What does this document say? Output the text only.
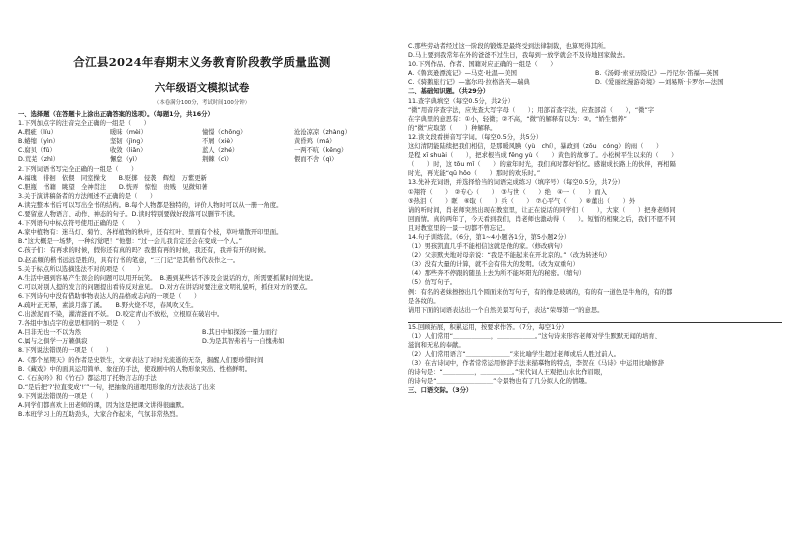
合江县2024年春期末义务教育阶段教学质量监测
六年级语文模拟试卷
（本卷满分100分，考试时间100分钟）
一、选择题（在答题卡上涂出正确答案的选项）。（每题1分，共16分）
1.下列加点字的注音完全正确的一组是（　　）
A.瑕疵（líu）	暖昧（mèi）	憧憬（chōng）	沧沧凉凉（zhàng）
B.蜷缩（yìn）	坚韧（jìng）	不屑（xiè）	黄昏鸡（má）
C.腐贝（fǔ）	收敛（liǎn）	蓝人（zhé）	一两不吭（kēng）
D.荒芜（zhì）	懈怠（yì）	荆棘（cì）	偎而不舍（qì）
2.下列词语书写完全正确的一组是（　　）
A.福瑰　徘徊　依偎　同室操戈　　B.贬掷　侵袭　辉煌　万紫更新
C.胆瓶　书籍　眺望　全神贯注　　D.恍弄　惊惶　贵贱　见微知著
3.关于演讲稿备者的方法阐述不正确的是（　　）
A.读完整本书后可以写出全书的结构。B.每个人物都是独特的，评价人物时可以从一册一角度。
C.要留意人物语言、动作、神态的句子。D.读时特别要做好段落可以删节不读。
4.下列语句中标点符号使用正确的是（　　）
A.家中植物有：迷马灯、菊竹、各样植物的秋叶，还有红叶、里面有个枝，草叶墩散开印里面。
B.“这大概是一场梦，一种幻觉吧！”他想：“过一会儿我肯定还会在变成一个人。”
C.孩子们：有再求的时候，假你还有真的吗？我想有再的时候，我还有，我并有开的时候。
D.赵孟頫的楷书远远是胜的，具有行书的笔意，“三门记”是其楷书代表作之一。
5.关于标点所以选摘选法不对的项是（　　）
A.生活中遇到容易产生误会的问题可以用开玩笑。　B.遇到某些话不涉及会说话的方，所需要抓紧时间先说。
C.可以对别人提的发言的问题提出看待反对意见。　D.对方在讲话时要注意文明礼貌听，抓住对方的要点。
6.下列诗句中没有借助事物表达人的品格或志向的一项是（　　）
A.疏叶正无幂，素淡月落了溪。　　B.野火烧不尽，春风吹又生。
C.出淤泥而不染，濯清涟而不妖。　D.咬定青山不放松，立根原在破岩中。
7.各组中加点字的意思相同的一项是（　　）
A.目非无也一不以为然	B.其日中如探汤一量力而行
C.属与之俱学一万籁俱寂	D.为是其智弗若与一自愧弗如
8.下列说法错误的一项是（　　）
A.《那个星期天》的作者是史铁生，文章表达了对时光流逝的无奈，掘醒人们要珍惜时间
B.《藏戏》中的面具运用简单、象征的手法，使戏剧中的人物形象突出、性格鲜明。
C.《石灰吟》和《竹石》都运用了托物言志的手法
D.“是后把‘?’拉直变成‘!’”一句，把抽象的道理用形象的方法表达了出来
9.下列说法错误的一项是（　　）
A.同学们都喜欢上田老师的课，因为这是把课文讲得很幽默。
B.本班学习上的互助劲头，大家合作起来，气氛非常热烈。
C.那些劳动者经过这一阶段的锻炼是最终受到法律制裁，也算死得其所。
D.马上要到我常年在外的爸爸不过生日，我每到一放学就会不及待地回家做去。
10.下列作品、作者、国籍对应正确的一组是（　　）
A.《鲁宾逊漂流记》—马克·吐温—美国	B.《汤姆·索亚历险记》—丹尼尔·笛福—英国
C.《骑鹅旅行记》—塞尔玛·拉格洛芙—瑞典	D.《爱丽丝漫游奇境》—刘易斯·卡罗尔—法国
二、基础知识题。（共29分）
11.查字典填空（每空0.5分，共2分）
“微”用音序查字法，应先查大写字母（　　）；用部首查字法，应查部首（　　），“微”字
在字典里的意思有：①小，轻微；②不高，“微”的解释有以为：②。“娇生惯养”
的“微”应取第（　　）种解释。
12.读文段看拼音写字词。（每空0.5分，共5分）
这幻清阴能陆续把我们相信，是那暖风腆（yù　chí），暴政到（zōu　cóng）的雨（　　）
是程 xī shuài（　　），把求根当成 fēng yù（　　）黄色的故事了。小松树平生以来的（　　）
（　　）时，这 tōu mǐ（　　）的童年时光，我们真时都好怕忆。感谢成长路上的伙伴，再相隔
时光，再光能“qū hōo（　　）那时的欢乐时。”
13.先补充词语，并选择恰当的词语完成练习（填序号）（每空0.5分，共7分）
①翔符（　　）　②专心（　　）　③与世（　　）绝　④一（　　）而入
⑤热泪（　　）眶　⑥取（　　）兵（　　）　⑦心平气（　　）⑧董出（　　）外
请的听时间，肖老师突然出现在教室里，让正在说话的同学们（　　），大家（　　）把身老师同
回面情。真的两年了，今天看到我们，肖老师也激动得（　　）。短暂的相聚之后，我们不愿不同
且对教室里的一景一切都不曾忘记。
14.句子训练营。（6分，第1~4小题各1分，第5小题2分）
（1）男孩凯直几乎不能相信这就是他的家。（修改病句）
（2）父亲默夫地对母亲说：“我是不能起来在开北京的。”（改为转述句）
（3）没有大量的计算，就不会有伟大的发明。（改为双重句）
（4）那些奔不停跟的随虽上去为所不能坏阳光的秘密。（缩句）
（5）仿写句子。
例：有名的老妹擦擦出几个圆面来仿写句子，有的像是玻璃的，有的有一道色是牛角的，有的都
是各纹的。
请用下面的词语表达出一个自然美景写句子，表达“荣辱第一”的意思。
15.回顾拓展，积累运用，按要求作答。（7分，每空1分）
（1）人们常用“＿＿＿＿＿＿，＿＿＿＿＿＿。”这句诗来形容老师对学生默默无闻的培育、
滋润和无私的奉献。
（2）人们常用语言“＿＿＿＿＿＿＿”来比喻学生超过老师或后人胜过前人。
（3）在古诗词中，作者常常运用修辞手法来描摹物的特点，李贺在《马诗》中运用比喻修辞
的诗句是：“＿＿＿＿＿，＿＿＿＿＿。”宋代词人王观把山水比作眉眼，
的诗句是“＿＿＿＿＿＿＿＿＿”令景物也有了几分拟人化的情趣。
三、口语交际。（3分）
